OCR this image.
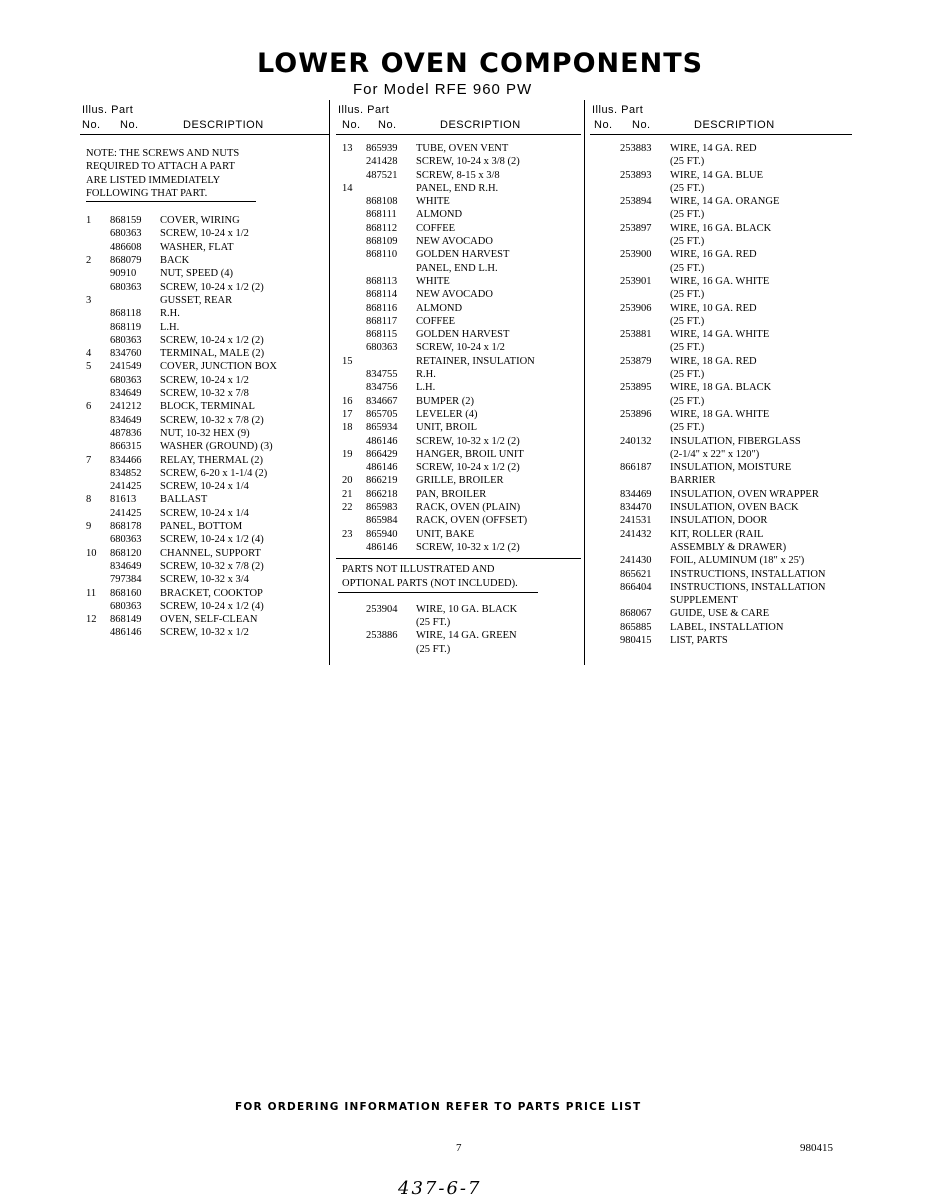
LOWER OVEN COMPONENTS
For Model RFE 960 PW
Illus. Part
No. No.	DESCRIPTION
NOTE: THE SCREWS AND NUTS
REQUIRED TO ATTACH A PART
ARE LISTED IMMEDIATELY
FOLLOWING THAT PART.
1 868159 COVER, WIRING
680363 SCREW, 10-24 x 1/2
486608 WASHER, FLAT
2 868079 BACK
90910 NUT, SPEED (4)
680363 SCREW, 10-24 x 1/2 (2)
3	GUSSET, REAR
868118 R.H.
868119 L.H.
680363 SCREW, 10-24 x 1/2 (2)
4 834760 TERMINAL, MALE (2)
5 241549 COVER, JUNCTION BOX
680363 SCREW, 10-24 x 1/2
834649 SCREW, 10-32 x 7/8
6 241212 BLOCK, TERMINAL
834649 SCREW, 10-32 x 7/8 (2)
487836 NUT, 10-32 HEX (9)
866315 WASHER (GROUND) (3)
7 834466 RELAY, THERMAL (2)
834852 SCREW, 6-20 x 1-1/4 (2)
241425 SCREW, 10-24 x 1/4
8 81613 BALLAST
241425 SCREW, 10-24 x 1/4
9 868178 PANEL, BOTTOM
680363 SCREW, 10-24 x 1/2 (4)
10 868120 CHANNEL, SUPPORT
834649 SCREW, 10-32 x 7/8 (2)
797384 SCREW, 10-32 x 3/4
11 868160 BRACKET, COOKTOP
680363 SCREW, 10-24 x 1/2 (4)
12 868149 OVEN, SELF-CLEAN
486146 SCREW, 10-32 x 1/2
Illus. Part
No. No.	DESCRIPTION
13 865939 TUBE, OVEN VENT
241428 SCREW, 10-24 x 3/8 (2)
487521 SCREW, 8-15 x 3/8
14	PANEL, END R.H.
868108 WHITE
868111 ALMOND
868112 COFFEE
868109 NEW AVOCADO
868110 GOLDEN HARVEST
PANEL, END L.H.
868113 WHITE
868114 NEW AVOCADO
868116 ALMOND
868117 COFFEE
868115 GOLDEN HARVEST
680363 SCREW, 10-24 x 1/2
15	RETAINER, INSULATION
834755 R.H.
834756 L.H.
16 834667 BUMPER (2)
17 865705 LEVELER (4)
18 865934 UNIT, BROIL
486146 SCREW, 10-32 x 1/2 (2)
19 866429 HANGER, BROIL UNIT
486146 SCREW, 10-24 x 1/2 (2)
20 866219 GRILLE, BROILER
21 866218 PAN, BROILER
22 865983 RACK, OVEN (PLAIN)
865984 RACK, OVEN (OFFSET)
23 865940 UNIT, BAKE
486146 SCREW, 10-32 x 1/2 (2)
PARTS NOT ILLUSTRATED AND
OPTIONAL PARTS (NOT INCLUDED).
253904 WIRE, 10 GA. BLACK
(25 FT.)
253886 WIRE, 14 GA. GREEN
(25 FT.)
Illus. Part
No. No.	DESCRIPTION
253883 WIRE, 14 GA. RED
(25 FT.)
253893 WIRE, 14 GA. BLUE
(25 FT.)
253894 WIRE, 14 GA. ORANGE
(25 FT.)
253897 WIRE, 16 GA. BLACK
(25 FT.)
253900 WIRE, 16 GA. RED
(25 FT.)
253901 WIRE, 16 GA. WHITE
(25 FT.)
253906 WIRE, 10 GA. RED
(25 FT.)
253881 WIRE, 14 GA. WHITE
(25 FT.)
253879 WIRE, 18 GA. RED
(25 FT.)
253895 WIRE, 18 GA. BLACK
(25 FT.)
253896 WIRE, 18 GA. WHITE
(25 FT.)
240132 INSULATION, FIBERGLASS
(2-1/4" x 22" x 120")
866187 INSULATION, MOISTURE
BARRIER
834469 INSULATION, OVEN WRAPPER
834470 INSULATION, OVEN BACK
241531 INSULATION, DOOR
241432 KIT, ROLLER (RAIL
ASSEMBLY & DRAWER)
241430 FOIL, ALUMINUM (18" x 25')
865621 INSTRUCTIONS, INSTALLATION
866404 INSTRUCTIONS, INSTALLATION
SUPPLEMENT
868067 GUIDE, USE & CARE
865885 LABEL, INSTALLATION
980415 LIST, PARTS
FOR ORDERING INFORMATION REFER TO PARTS PRICE LIST
7	980415
437-6-7
